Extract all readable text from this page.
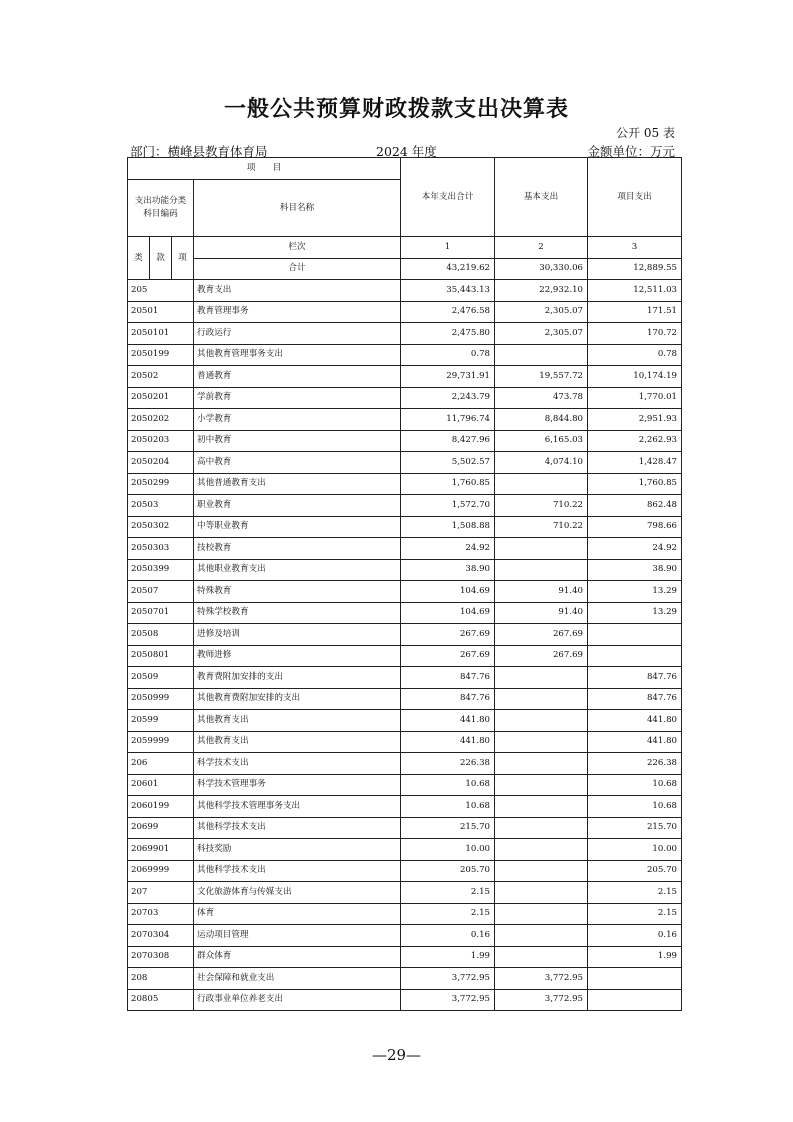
一般公共预算财政拨款支出决算表
公开 05 表
部门：横峰县教育体育局	2024 年度	金额单位：万元
项　　目				本年支出合计	基本支出	项目支出
支出功能分类
科目编码			科目名称			

类	款	项	栏次	1	2	3
			合计	43,219.62	30,330.06	12,889.55
205			教育支出	35,443.13	22,932.10	12,511.03
20501			教育管理事务	2,476.58	2,305.07	171.51
2050101			行政运行	2,475.80	2,305.07	170.72
2050199			其他教育管理事务支出	0.78		0.78
20502			普通教育	29,731.91	19,557.72	10,174.19
2050201			学前教育	2,243.79	473.78	1,770.01
2050202			小学教育	11,796.74	8,844.80	2,951.93
2050203			初中教育	8,427.96	6,165.03	2,262.93
2050204			高中教育	5,502.57	4,074.10	1,428.47
2050299			其他普通教育支出	1,760.85		1,760.85
20503			职业教育	1,572.70	710.22	862.48
2050302			中等职业教育	1,508.88	710.22	798.66
2050303			技校教育	24.92		24.92
2050399			其他职业教育支出	38.90		38.90
20507			特殊教育	104.69	91.40	13.29
2050701			特殊学校教育	104.69	91.40	13.29
20508			进修及培训	267.69	267.69	
2050801			教师进修	267.69	267.69	
20509			教育费附加安排的支出	847.76		847.76
2050999			其他教育费附加安排的支出	847.76		847.76
20599			其他教育支出	441.80		441.80
2059999			其他教育支出	441.80		441.80
206			科学技术支出	226.38		226.38
20601			科学技术管理事务	10.68		10.68
2060199			其他科学技术管理事务支出	10.68		10.68
20699			其他科学技术支出	215.70		215.70
2069901			科技奖励	10.00		10.00
2069999			其他科学技术支出	205.70		205.70
207			文化旅游体育与传媒支出	2.15		2.15
20703			体育	2.15		2.15
2070304			运动项目管理	0.16		0.16
2070308			群众体育	1.99		1.99
208			社会保障和就业支出	3,772.95	3,772.95	
20805			行政事业单位养老支出	3,772.95	3,772.95	
—29—
